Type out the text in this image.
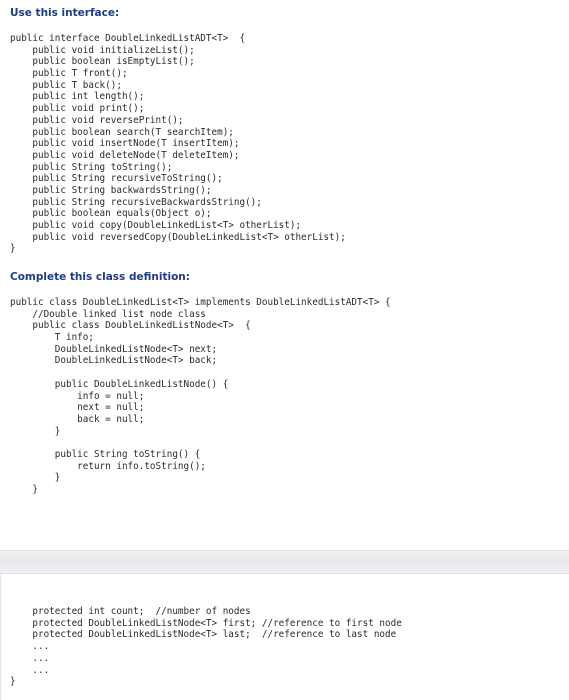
Use this interface:
public interface DoubleLinkedListADT<T>  {
public void initializeList();
public boolean isEmptyList();
public T front();
public T back();
public int length();
public void print();
public void reversePrint();
public boolean search(T searchItem);
public void insertNode(T insertItem);
public void deleteNode(T deleteItem);
public String toString();
public String recursiveToString();
public String backwardsString();
public String recursiveBackwardsString();
public boolean equals(Object o);
public void copy(DoubleLinkedList<T> otherList);
public void reversedCopy(DoubleLinkedList<T> otherList);
}
Complete this class definition:
public class DoubleLinkedList<T> implements DoubleLinkedListADT<T> {
//Double linked list node class
public class DoubleLinkedListNode<T>  {
T info;
DoubleLinkedListNode<T> next;
DoubleLinkedListNode<T> back;

public DoubleLinkedListNode() {
info = null;
next = null;
back = null;
}

public String toString() {
return info.toString();
}
}

protected int count;  //number of nodes
protected DoubleLinkedListNode<T> first; //reference to first node
protected DoubleLinkedListNode<T> last;  //reference to last node
...
...
...
}
